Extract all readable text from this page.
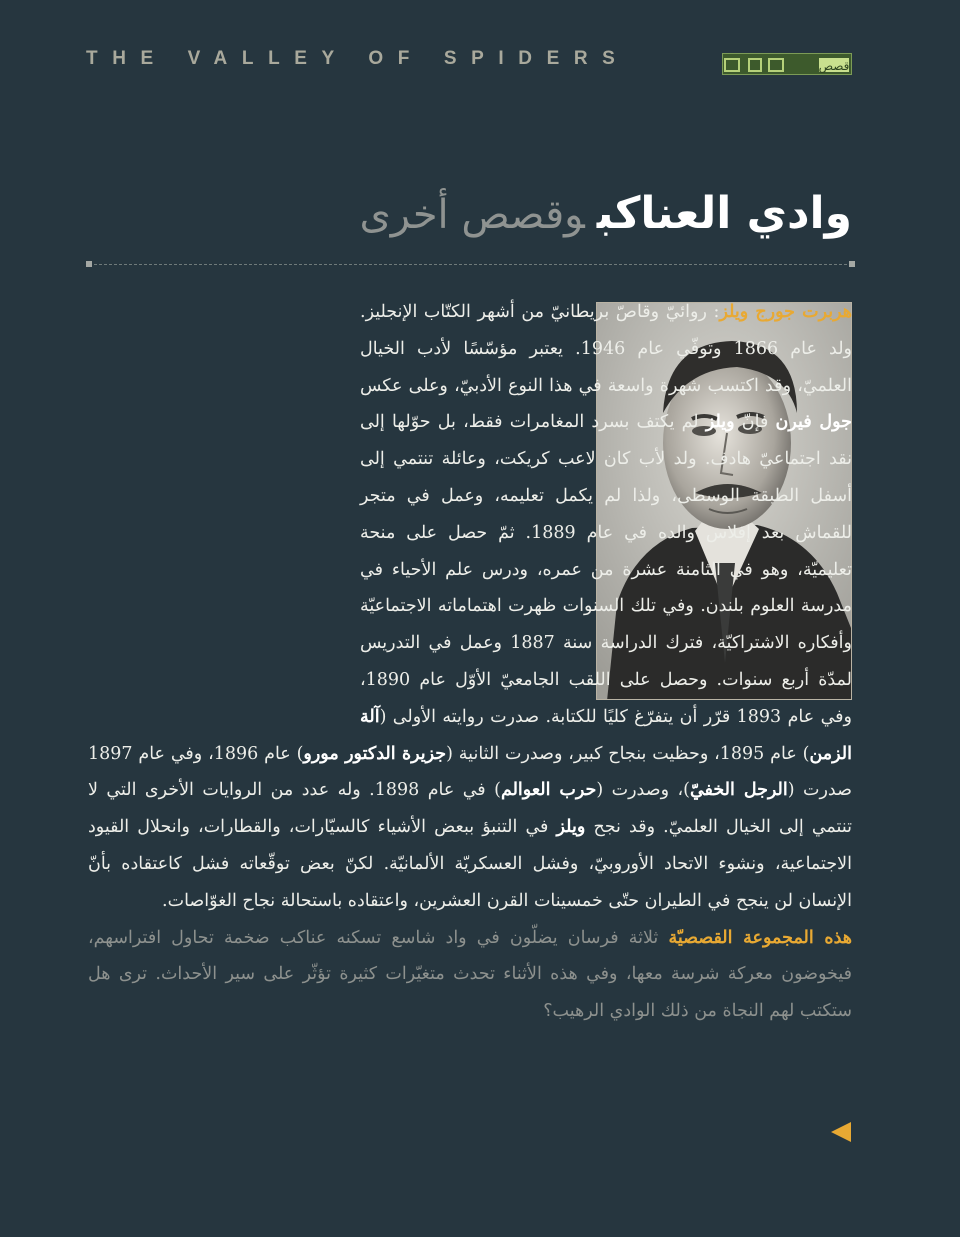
THE VALLEY OF SPIDERS	قصص
وادي العناكبوقصص أخرى

هربرت جورج ويلز: روائيّ وقاصّ بريطانيّ من أشهر الكتّاب الإنجليز. ولد عام 1866 وتوفّي عام 1946. يعتبر مؤسّسًا لأدب الخيال العلميّ، وقد اكتسب شهرة واسعة في هذا النوع الأدبيّ، وعلى عكس جول فيرن فإنّ ويلز لم يكتف بسرد المغامرات فقط، بل حوّلها إلى نقد اجتماعيّ هادف. ولد لأب كان لاعب كريكت، وعائلة تنتمي إلى أسفل الطبقة الوسطى، ولذا لم يكمل تعليمه، وعمل في متجر للقماش بعد إفلاس والده في عام 1889. ثمّ حصل على منحة تعليميّة، وهو في الثامنة عشرة من عمره، ودرس علم الأحياء في مدرسة العلوم بلندن. وفي تلك السنوات ظهرت اهتماماته الاجتماعيّة وأفكاره الاشتراكيّة، فترك الدراسة سنة 1887 وعمل في التدريس لمدّة أربع سنوات. وحصل على اللقب الجامعيّ الأوّل عام 1890، وفي عام 1893 قرّر أن يتفرّغ كليًا للكتابة. صدرت روايته الأولى (آلة الزمن) عام 1895، وحظيت بنجاح كبير، وصدرت الثانية (جزيرة الدكتور مورو) عام 1896، وفي عام 1897 صدرت (الرجل الخفيّ)، وصدرت (حرب العوالم) في عام 1898. وله عدد من الروايات الأخرى التي لا تنتمي إلى الخيال العلميّ. وقد نجح ويلز في التنبؤ ببعض الأشياء كالسيّارات، والقطارات، وانحلال القيود الاجتماعية، ونشوء الاتحاد الأوروبيّ، وفشل العسكريّة الألمانيّة. لكنّ بعض توقّعاته فشل كاعتقاده بأنّ الإنسان لن ينجح في الطيران حتّى خمسينات القرن العشرين، واعتقاده باستحالة نجاح الغوّاصات.

هذه المجموعة القصصيّة ثلاثة فرسان يضلّون في واد شاسع تسكنه عناكب ضخمة تحاول افتراسهم، فيخوضون معركة شرسة معها، وفي هذه الأثناء تحدث متغيّرات كثيرة تؤثّر على سير الأحداث. ترى هل ستكتب لهم النجاة من ذلك الوادي الرهيب؟
